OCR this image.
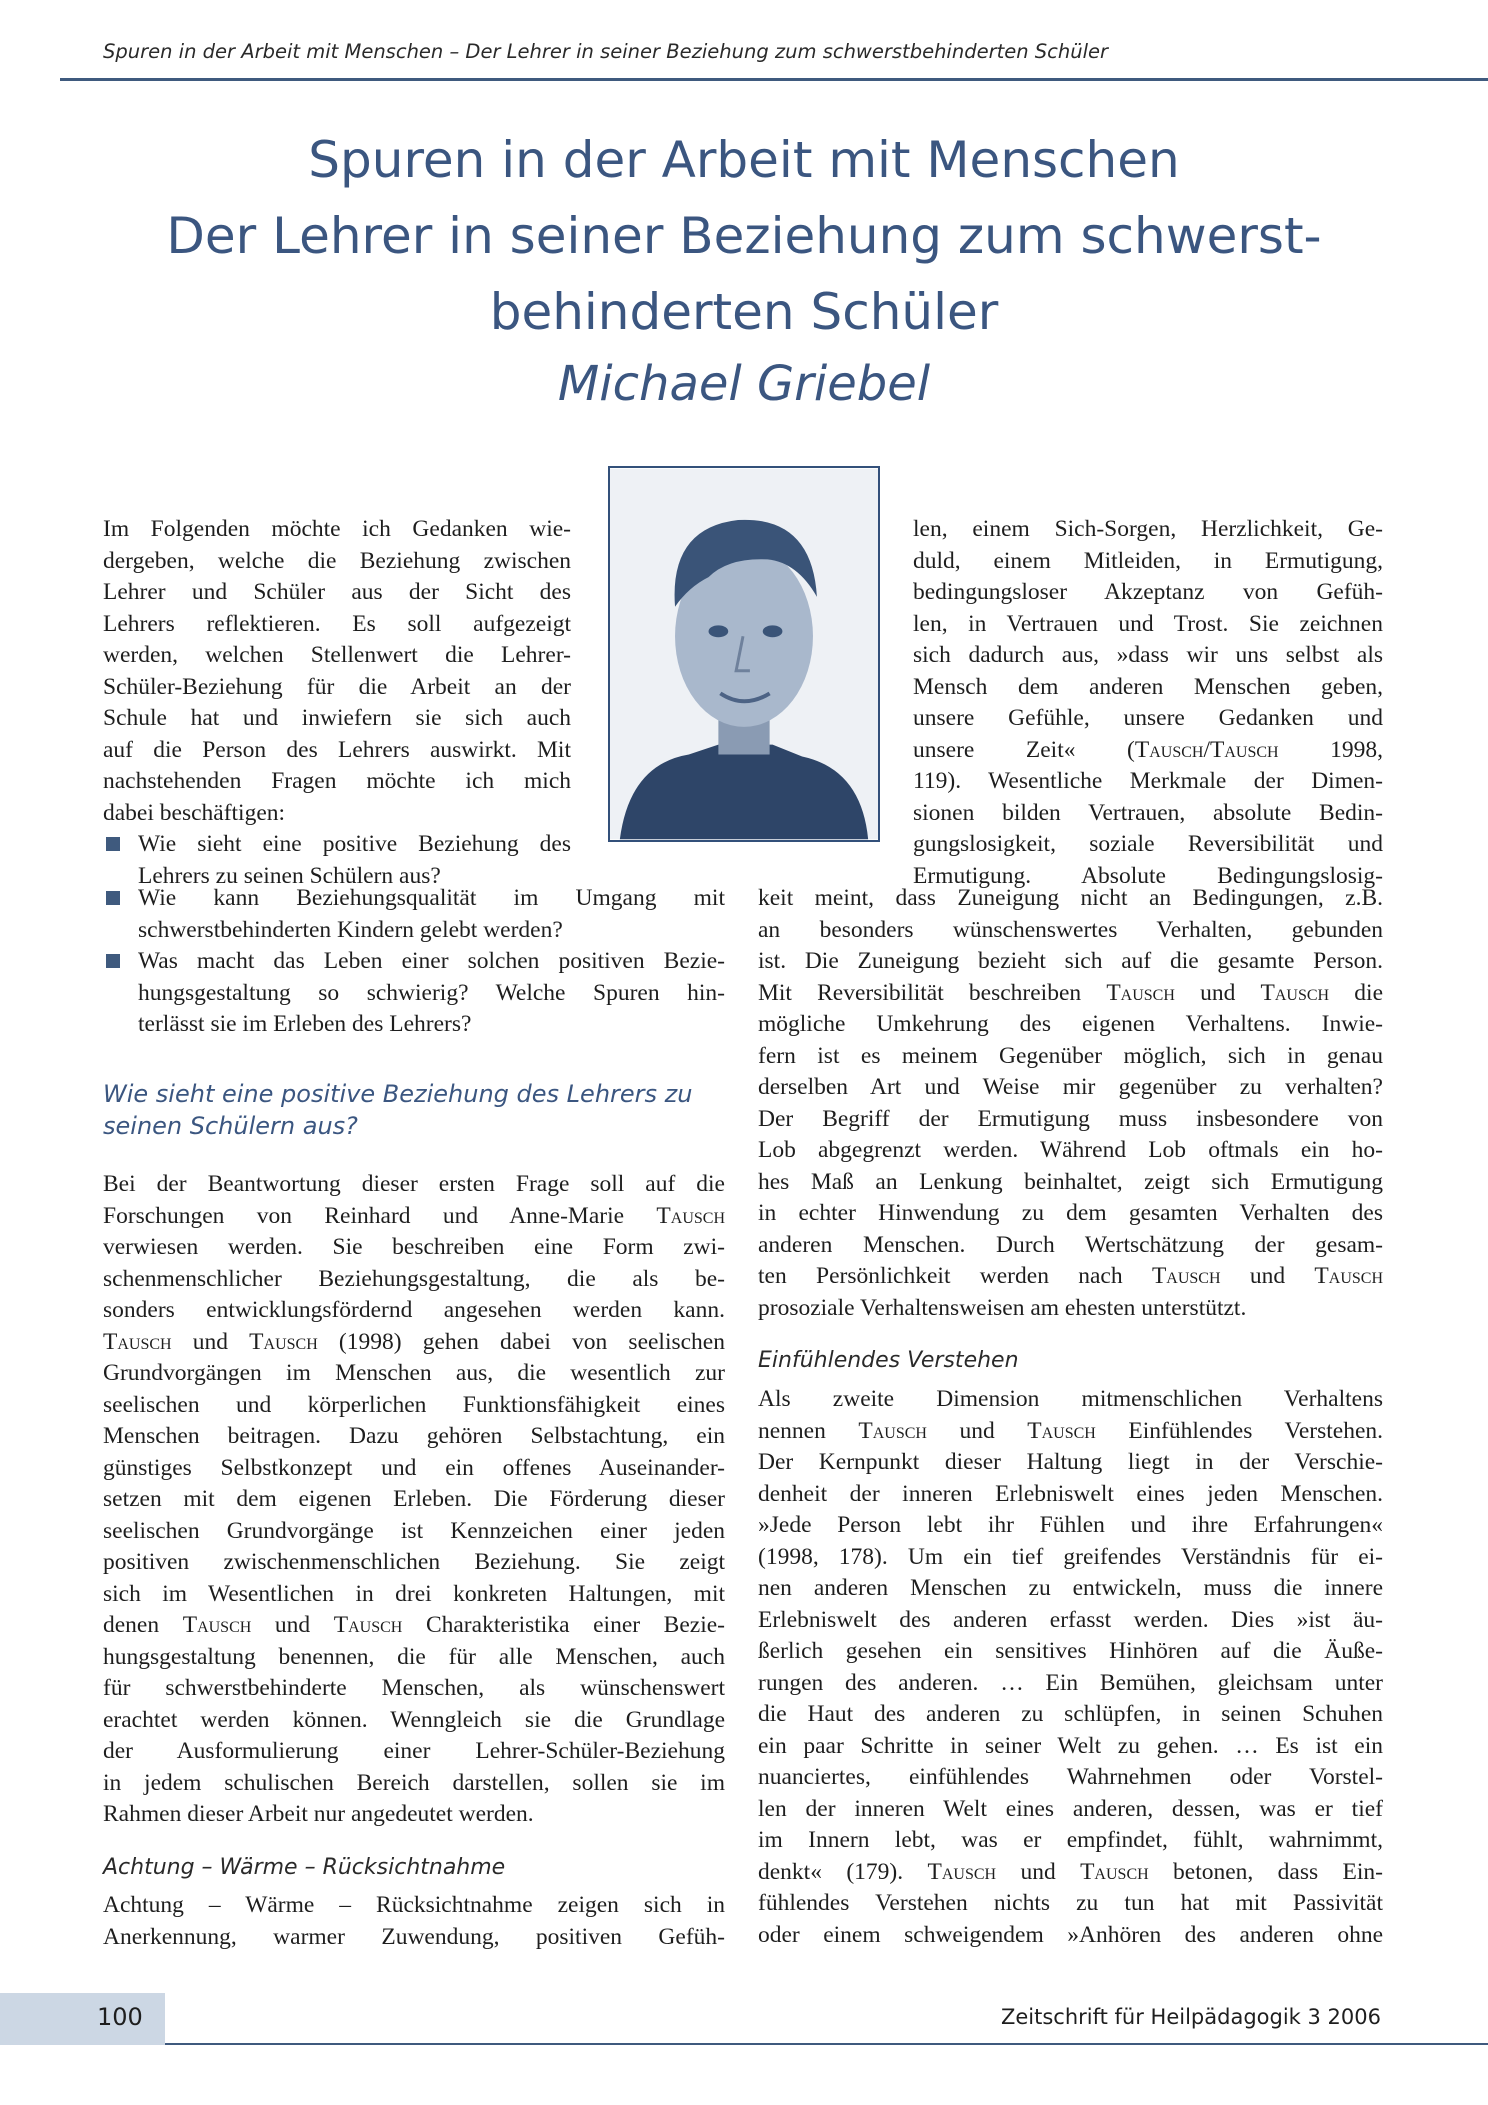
Spuren in der Arbeit mit Menschen – Der Lehrer in seiner Beziehung zum schwerstbehinderten Schüler
Spuren in der Arbeit mit Menschen
Der Lehrer in seiner Beziehung zum schwerst-
behinderten Schüler
Michael Griebel

Im Folgenden möchte ich Gedanken wie-

dergeben, welche die Beziehung zwischen

Lehrer und Schüler aus der Sicht des

Lehrers reflektieren. Es soll aufgezeigt

werden, welchen Stellenwert die Lehrer-

Schüler-Beziehung für die Arbeit an der

Schule hat und inwiefern sie sich auch

auf die Person des Lehrers auswirkt. Mit

nachstehenden Fragen möchte ich mich

dabei beschäftigen:

Wie sieht eine positive Beziehung des

Lehrers zu seinen Schülern aus?

Wie kann Beziehungsqualität im Umgang mit

schwerstbehinderten Kindern gelebt werden?

Was macht das Leben einer solchen positiven Bezie-

hungsgestaltung so schwierig? Welche Spuren hin-

terlässt sie im Erleben des Lehrers?

Wie sieht eine positive Beziehung des Lehrers zu
seinen Schülern aus?

Bei der Beantwortung dieser ersten Frage soll auf die

Forschungen von Reinhard und Anne-Marie Tausch

verwiesen werden. Sie beschreiben eine Form zwi-

schenmenschlicher Beziehungsgestaltung, die als be-

sonders entwicklungsfördernd angesehen werden kann.

Tausch und Tausch (1998) gehen dabei von seelischen

Grundvorgängen im Menschen aus, die wesentlich zur

seelischen und körperlichen Funktionsfähigkeit eines

Menschen beitragen. Dazu gehören Selbstachtung, ein

günstiges Selbstkonzept und ein offenes Auseinander-

setzen mit dem eigenen Erleben. Die Förderung dieser

seelischen Grundvorgänge ist Kennzeichen einer jeden

positiven zwischenmenschlichen Beziehung. Sie zeigt

sich im Wesentlichen in drei konkreten Haltungen, mit

denen Tausch und Tausch Charakteristika einer Bezie-

hungsgestaltung benennen, die für alle Menschen, auch

für schwerstbehinderte Menschen, als wünschenswert

erachtet werden können. Wenngleich sie die Grundlage

der Ausformulierung einer Lehrer-Schüler-Beziehung

in jedem schulischen Bereich darstellen, sollen sie im

Rahmen dieser Arbeit nur angedeutet werden.

Achtung – Wärme – Rücksichtnahme

Achtung – Wärme – Rücksichtnahme zeigen sich in

Anerkennung, warmer Zuwendung, positiven Gefüh-

len, einem Sich-Sorgen, Herzlichkeit, Ge-

duld, einem Mitleiden, in Ermutigung,

bedingungsloser Akzeptanz von Gefüh-

len, in Vertrauen und Trost. Sie zeichnen

sich dadurch aus, »dass wir uns selbst als

Mensch dem anderen Menschen geben,

unsere Gefühle, unsere Gedanken und

unsere Zeit« (Tausch/Tausch 1998,

119). Wesentliche Merkmale der Dimen-

sionen bilden Vertrauen, absolute Bedin-

gungslosigkeit, soziale Reversibilität und

Ermutigung. Absolute Bedingungslosig-

keit meint, dass Zuneigung nicht an Bedingungen, z.B.

an besonders wünschenswertes Verhalten, gebunden

ist. Die Zuneigung bezieht sich auf die gesamte Person.

Mit Reversibilität beschreiben Tausch und Tausch die

mögliche Umkehrung des eigenen Verhaltens. Inwie-

fern ist es meinem Gegenüber möglich, sich in genau

derselben Art und Weise mir gegenüber zu verhalten?

Der Begriff der Ermutigung muss insbesondere von

Lob abgegrenzt werden. Während Lob oftmals ein ho-

hes Maß an Lenkung beinhaltet, zeigt sich Ermutigung

in echter Hinwendung zu dem gesamten Verhalten des

anderen Menschen. Durch Wertschätzung der gesam-

ten Persönlichkeit werden nach Tausch und Tausch

prosoziale Verhaltensweisen am ehesten unterstützt.

Einfühlendes Verstehen

Als zweite Dimension mitmenschlichen Verhaltens

nennen Tausch und Tausch Einfühlendes Verstehen.

Der Kernpunkt dieser Haltung liegt in der Verschie-

denheit der inneren Erlebniswelt eines jeden Menschen.

»Jede Person lebt ihr Fühlen und ihre Erfahrungen«

(1998, 178). Um ein tief greifendes Verständnis für ei-

nen anderen Menschen zu entwickeln, muss die innere

Erlebniswelt des anderen erfasst werden. Dies »ist äu-

ßerlich gesehen ein sensitives Hinhören auf die Äuße-

rungen des anderen. … Ein Bemühen, gleichsam unter

die Haut des anderen zu schlüpfen, in seinen Schuhen

ein paar Schritte in seiner Welt zu gehen. … Es ist ein

nuanciertes, einfühlendes Wahrnehmen oder Vorstel-

len der inneren Welt eines anderen, dessen, was er tief

im Innern lebt, was er empfindet, fühlt, wahrnimmt,

denkt« (179). Tausch und Tausch betonen, dass Ein-

fühlendes Verstehen nichts zu tun hat mit Passivität

oder einem schweigendem »Anhören des anderen ohne

100	Zeitschrift für Heilpädagogik 3 2006
